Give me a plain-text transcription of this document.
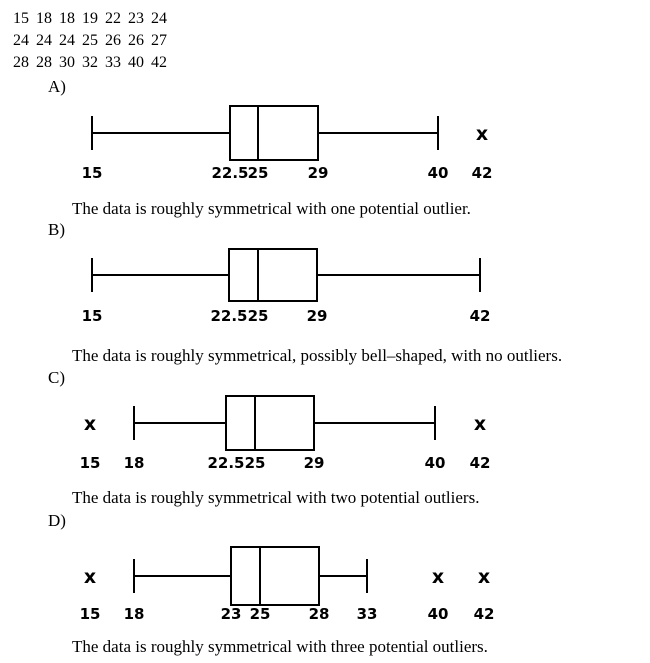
15	18	18	19	22	23	24
24	24	24	25	26	26	27
28	28	30	32	33	40	42
A)
x
15	22.5 25	29	40 42
The data is roughly symmetrical with one potential outlier.
B)
15	22.5 25	29	42
The data is roughly symmetrical, possibly bell–shaped, with no outliers.
C)
x	x
15 18	22.5 25	29	40 42
The data is roughly symmetrical with two potential outliers.
D)
x	x x
15 18	23 25	28 33	40 42
The data is roughly symmetrical with three potential outliers.
